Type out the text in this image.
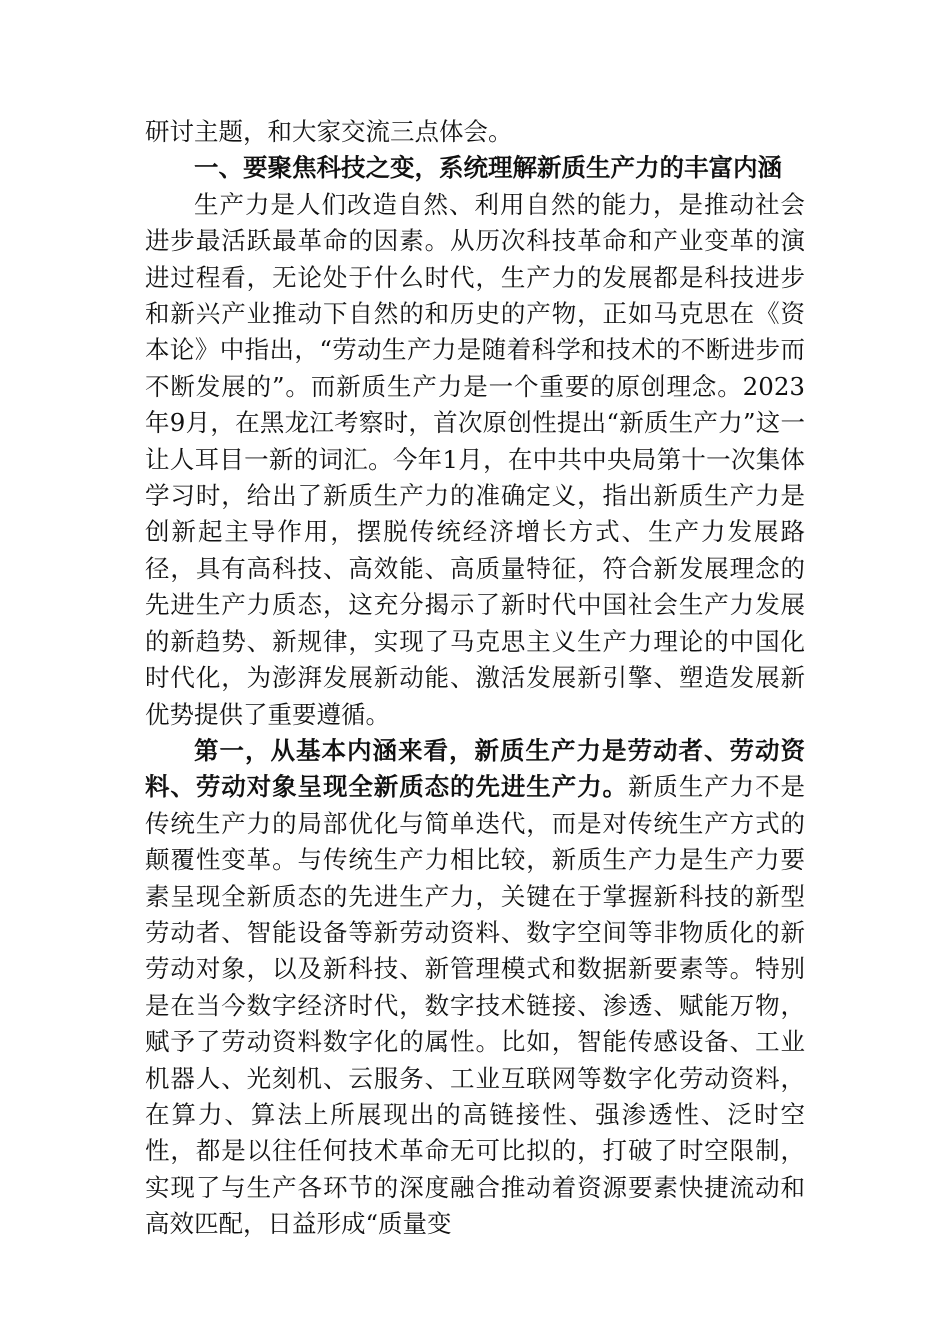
研讨主题，和大家交流三点体会。

一、要聚焦科技之变，系统理解新质生产力的丰富内涵

生产力是人们改造自然、利用自然的能力，是推动社会进步最活跃最革命的因素。从历次科技革命和产业变革的演进过程看，无论处于什么时代，生产力的发展都是科技进步和新兴产业推动下自然的和历史的产物，正如马克思在《资本论》中指出，“劳动生产力是随着科学和技术的不断进步而不断发展的”。而新质生产力是一个重要的原创理念。2023年9月，在黑龙江考察时，首次原创性提出“新质生产力”这一让人耳目一新的词汇。今年1月，在中共中央局第十一次集体学习时，给出了新质生产力的准确定义，指出新质生产力是创新起主导作用，摆脱传统经济增长方式、生产力发展路径，具有高科技、高效能、高质量特征，符合新发展理念的先进生产力质态，这充分揭示了新时代中国社会生产力发展的新趋势、新规律，实现了马克思主义生产力理论的中国化时代化，为澎湃发展新动能、激活发展新引擎、塑造发展新优势提供了重要遵循。

第一，从基本内涵来看，新质生产力是劳动者、劳动资料、劳动对象呈现全新质态的先进生产力。新质生产力不是传统生产力的局部优化与简单迭代，而是对传统生产方式的颠覆性变革。与传统生产力相比较，新质生产力是生产力要素呈现全新质态的先进生产力，关键在于掌握新科技的新型劳动者、智能设备等新劳动资料、数字空间等非物质化的新劳动对象，以及新科技、新管理模式和数据新要素等。特别是在当今数字经济时代，数字技术链接、渗透、赋能万物，赋予了劳动资料数字化的属性。比如，智能传感设备、工业机器人、光刻机、云服务、工业互联网等数字化劳动资料，在算力、算法上所展现出的高链接性、强渗透性、泛时空性，都是以往任何技术革命无可比拟的，打破了时空限制，实现了与生产各环节的深度融合推动着资源要素快捷流动和高效匹配，日益形成“质量变
